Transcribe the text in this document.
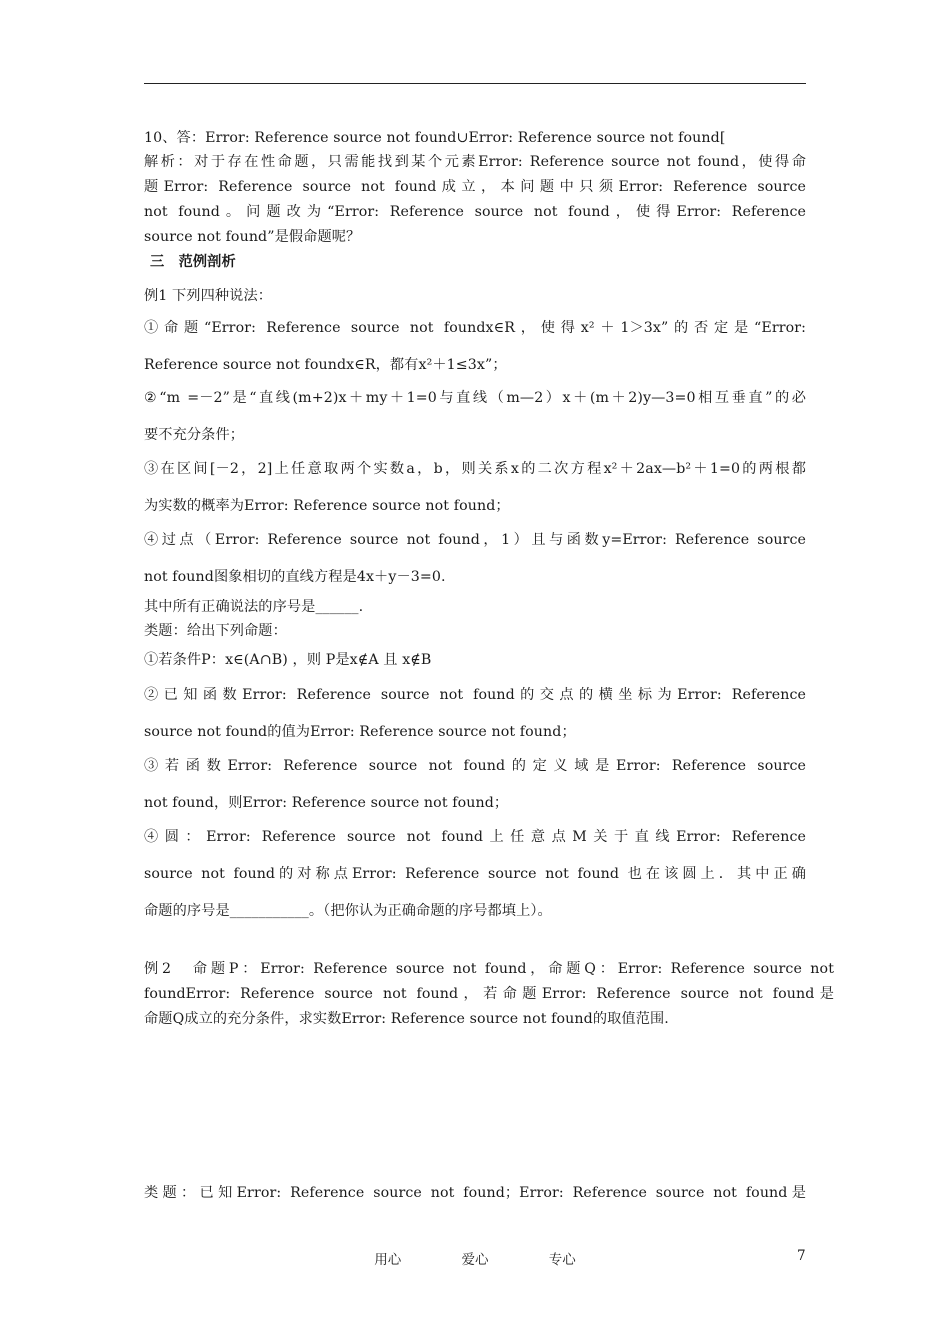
10、答：Error: Reference source not found∪Error: Reference source not found[
解析：对于存在性命题，只需能找到某个元素Error: Reference source not found，使得命
题Error: Reference source not found成立，本问题中只须Error: Reference source
not found。问题改为“Error: Reference source not found，使得Error: Reference
source not found”是假命题呢？
三　范例剖析
例1 下列四种说法：
①命题“Error: Reference source not foundx∈R，使得x²＋1＞3x”的否定是“Error:
Reference source not foundx∈R，都有x²＋1≤3x”；
②“m =－2”是“直线(m+2)x＋my＋1=0与直线（m—2）x＋(m＋2)y—3=0相互垂直”的必
要不充分条件；
③在区间[－2，2]上任意取两个实数a，b，则关系x的二次方程x²＋2ax—b²＋1=0的两根都
为实数的概率为Error: Reference source not found；
④过点（Error: Reference source not found，1）且与函数y=Error: Reference source
not found图象相切的直线方程是4x＋y－3=0.
其中所有正确说法的序号是______.
类题：给出下列命题：
①若条件P：x∈(A∩B) ，则 P是x∉A 且 x∉B
②已知函数Error: Reference source not found的交点的横坐标为Error: Reference
source not found的值为Error: Reference source not found；
③若函数Error: Reference source not found的定义域是Error: Reference source
not found，则Error: Reference source not found；
④圆：Error: Reference source not found上任意点M关于直线Error: Reference
source not found的对称点Error: Reference source not found 也在该圆上．其中正确
命题的序号是___________。（把你认为正确命题的序号都填上）。
例2　命题P：Error: Reference source not found，命题Q：Error: Reference source not
foundError: Reference source not found，若命题Error: Reference source not found是
命题Q成立的充分条件，求实数Error: Reference source not found的取值范围.
类题：已知Error: Reference source not found；Error: Reference source not found是
用心	爱心	专心	7
